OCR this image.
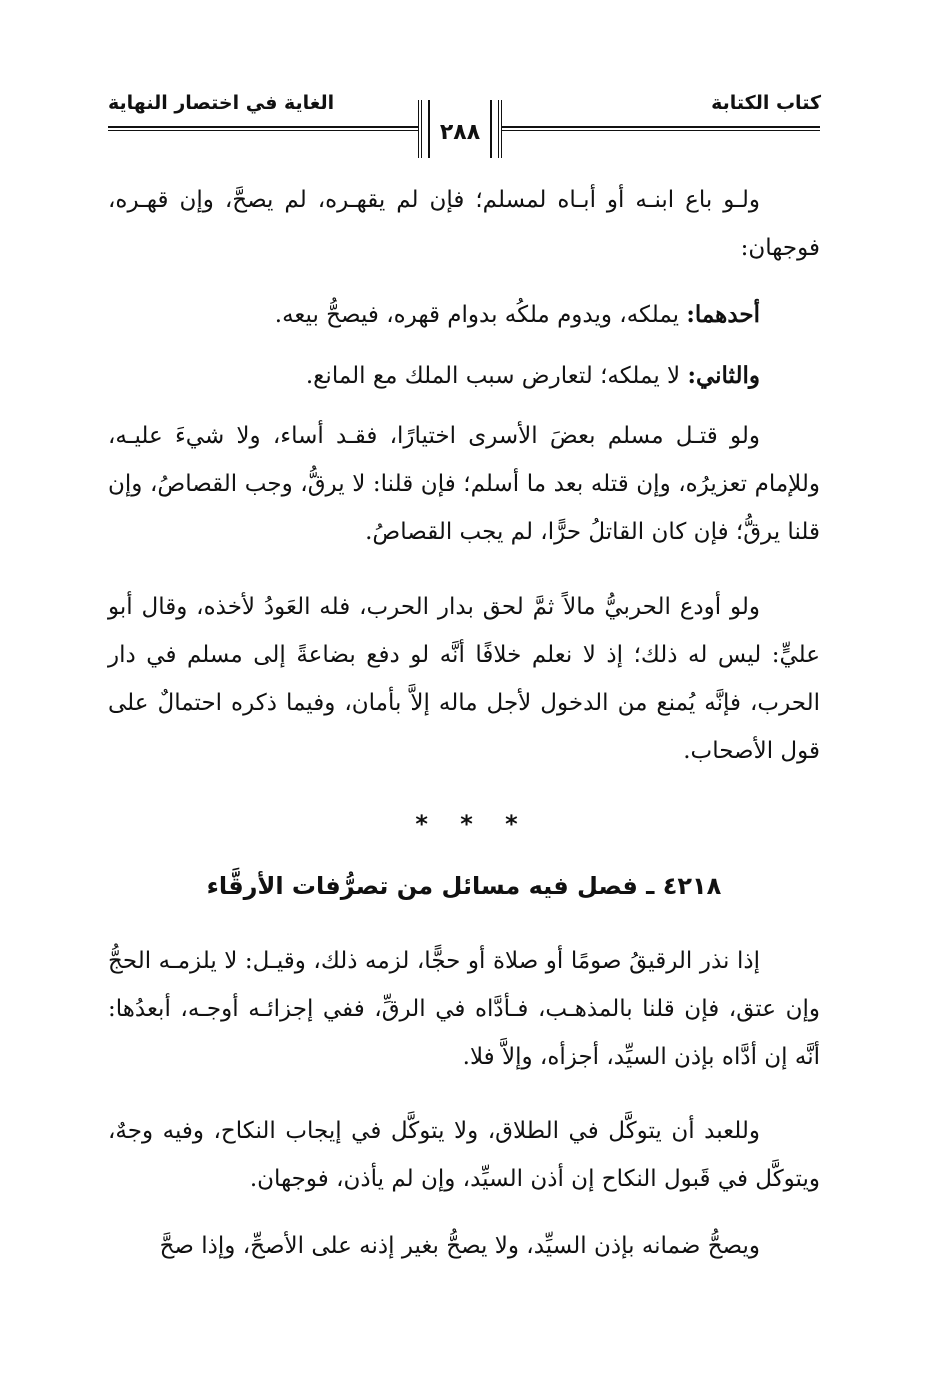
كتاب الكتابة
الغاية في اختصار النهاية
٢٨٨

ولـو باع ابنـه أو أبـاه لمسلم؛ فإن لم يقهـره، لم يصحَّ، وإن قهـره، فوجهان:

أحدهما: يملكه، ويدوم ملكُه بدوام قهره، فيصحُّ بيعه.

والثاني: لا يملكه؛ لتعارض سبب الملك مع المانع.

ولو قتـل مسلم بعضَ الأسرى اختيارًا، فقـد أساء، ولا شيءَ عليـه، وللإمام تعزيرُه، وإن قتله بعد ما أسلم؛ فإن قلنا: لا يرقُّ، وجب القصاصُ، وإن قلنا يرقُّ؛ فإن كان القاتلُ حرًّا، لم يجب القصاصُ.

ولو أودع الحربيُّ مالاً ثمَّ لحق بدار الحرب، فله العَودُ لأخذه، وقال أبو عليٍّ: ليس له ذلك؛ إذ لا نعلم خلافًا أنَّه لو دفع بضاعةً إلى مسلم في دار الحرب، فإنَّه يُمنع من الدخول لأجل ماله إلاَّ بأمان، وفيما ذكره احتمالٌ على قول الأصحاب.

* * *

٤٢١٨ ـ فصل فيه مسائل من تصرُّفات الأرقَّاء

إذا نذر الرقيقُ صومًا أو صلاة أو حجًّا، لزمه ذلك، وقيـل: لا يلزمـه الحجُّ وإن عتق، فإن قلنا بالمذهـب، فـأدَّاه في الرقِّ، ففي إجزائـه أوجـه، أبعدُها: أنَّه إن أدَّاه بإذن السيِّد، أجزأه، وإلاَّ فلا.

وللعبد أن يتوكَّل في الطلاق، ولا يتوكَّل في إيجاب النكاح، وفيه وجهٌ، ويتوكَّل في قَبول النكاح إن أذن السيِّد، وإن لم يأذن، فوجهان.

ويصحُّ ضمانه بإذن السيِّد، ولا يصحُّ بغير إذنه على الأصحِّ، وإذا صحَّ
